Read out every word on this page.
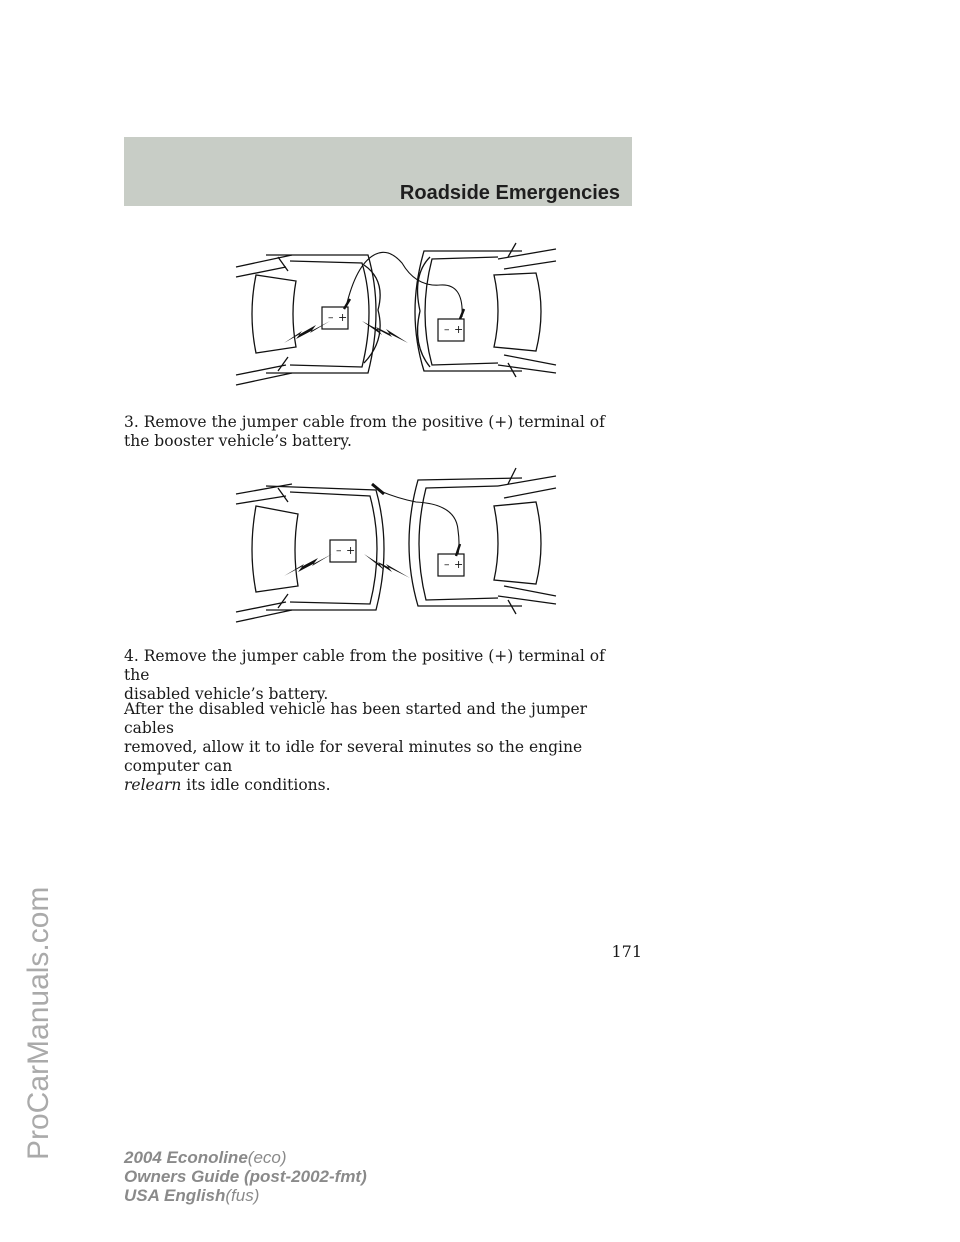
Roadside Emergencies
ProCarManuals.com
– +
– +

3. Remove the jumper cable from the positive (+) terminal of the booster vehicle’s battery.

– +
– +

4. Remove the jumper cable from the positive (+) terminal of the
disabled vehicle’s battery.

After the disabled vehicle has been started and the jumper cables
removed, allow it to idle for several minutes so the engine computer can
relearn its idle conditions.

171

2004 Econoline(eco)
Owners Guide (post-2002-fmt)
USA English(fus)
